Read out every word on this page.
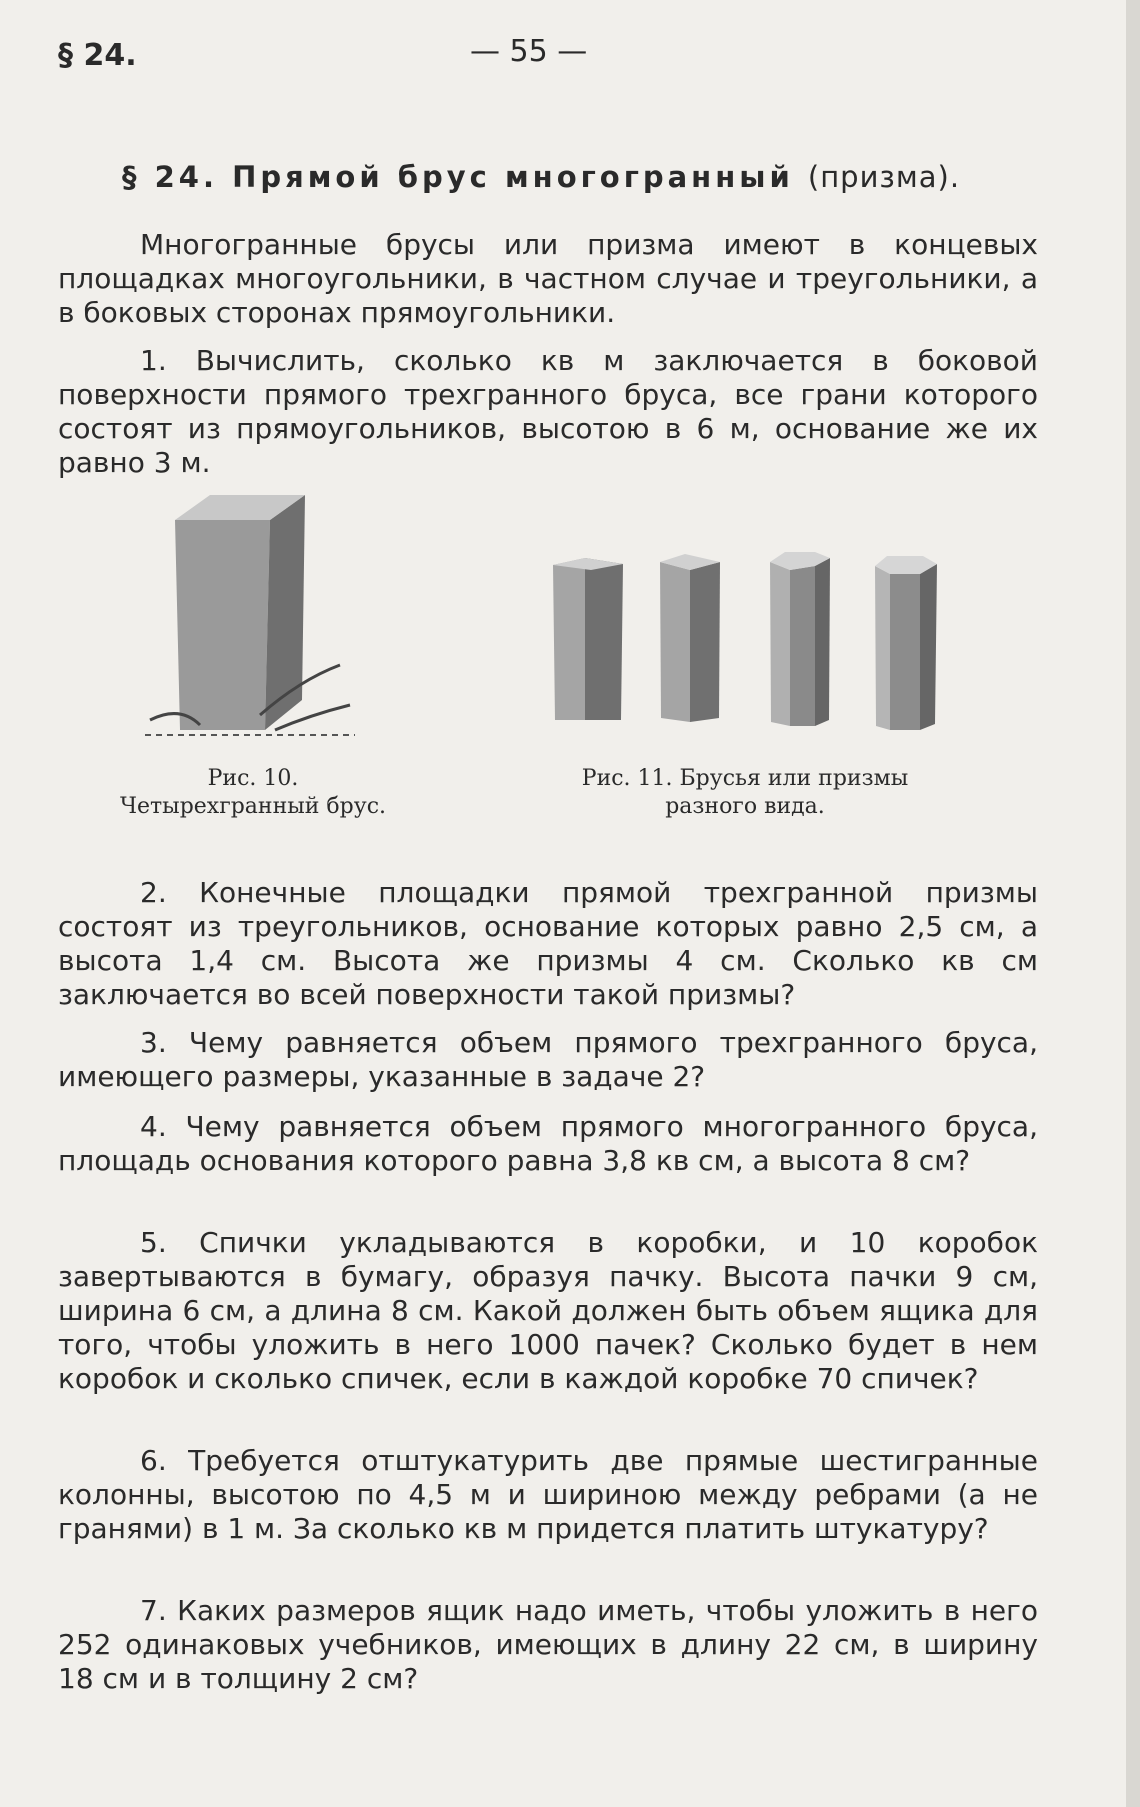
§ 24.	— 55 —
§ 24. Прямой брус многогранный (призма).
Многогранные брусы или призма имеют в концевых площадках многоугольники, в частном случае и треугольники, а в боковых сторонах прямоугольники.
1. Вычислить, сколько кв м заключается в боковой поверхности прямого трехгранного бруса, все грани которого состоят из прямоугольников, высотою в 6 м, основание же их равно 3 м.
Рис. 10. Четырехгранный брус.
Рис. 11. Брусья или призмы разного вида.
2. Конечные площадки прямой трехгранной призмы состоят из треугольников, основание которых равно 2,5 см, а высота 1,4 см. Высота же призмы 4 см. Сколько кв см заключается во всей поверхности такой призмы?
3. Чему равняется объем прямого трехгранного бруса, имеющего размеры, указанные в задаче 2?
4. Чему равняется объем прямого многогранного бруса, площадь основания которого равна 3,8 кв см, а высота 8 см?
5. Спички укладываются в коробки, и 10 коробок завертываются в бумагу, образуя пачку. Высота пачки 9 см, ширина 6 см, а длина 8 см. Какой должен быть объем ящика для того, чтобы уложить в него 1000 пачек? Сколько будет в нем коробок и сколько спичек, если в каждой коробке 70 спичек?
6. Требуется отштукатурить две прямые шестигранные колонны, высотою по 4,5 м и шириною между ребрами (а не гранями) в 1 м. За сколько кв м придется платить штукатуру?
7. Каких размеров ящик надо иметь, чтобы уложить в него 252 одинаковых учебников, имеющих в длину 22 см, в ширину 18 см и в толщину 2 см?
